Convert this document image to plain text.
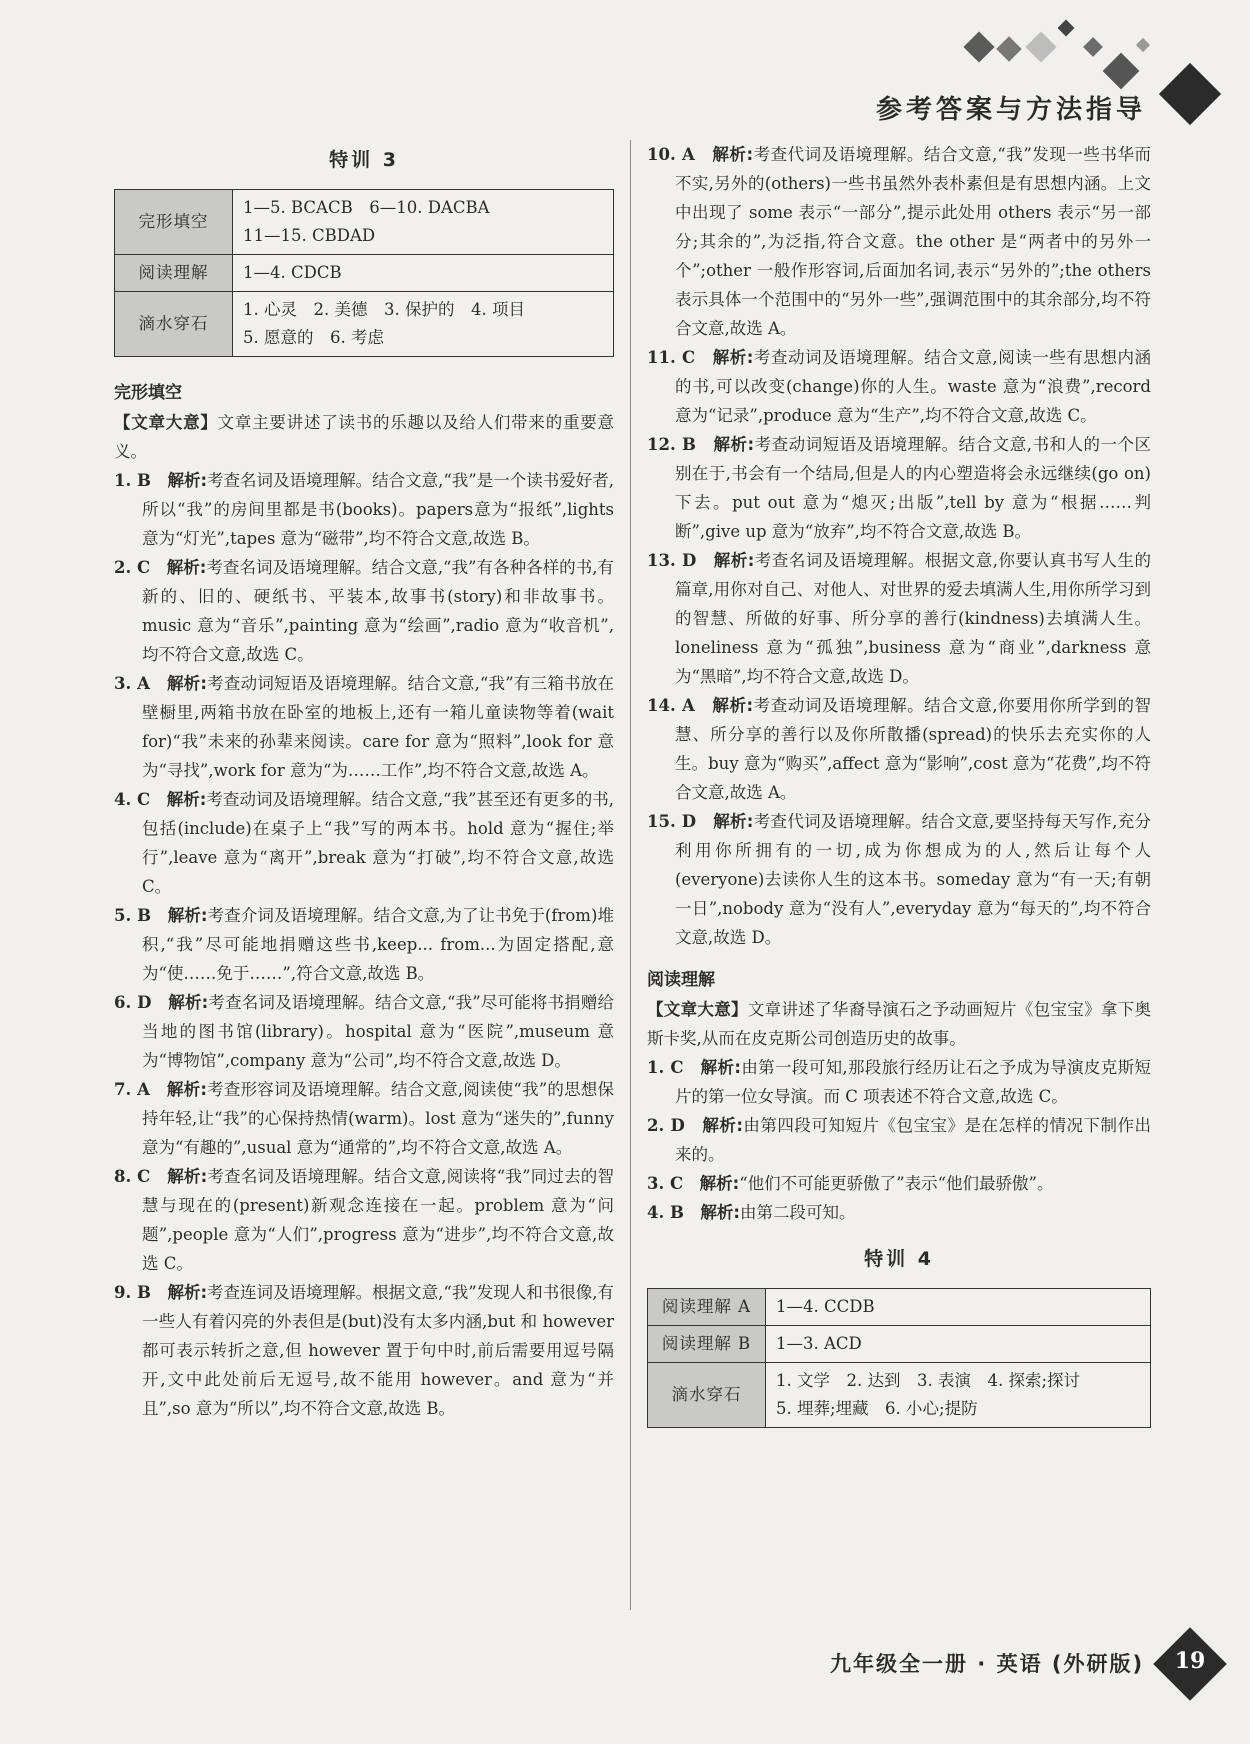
参考答案与方法指导
特训 3
完形填空	1—5. BCACB　6—10. DACBA
11—15. CBDAD

阅读理解	1—4. CDCB

滴水穿石	1. 心灵　2. 美德　3. 保护的　4. 项目
5. 愿意的　6. 考虑
完形填空
【文章大意】文章主要讲述了读书的乐趣以及给人们带来的重要意义。
1. B　 解析:考查名词及语境理解。结合文意,“我”是一个读书爱好者,所以“我”的房间里都是书(books)。papers意为“报纸”,lights 意为“灯光”,tapes 意为“磁带”,均不符合文意,故选 B。
2. C　 解析:考查名词及语境理解。结合文意,“我”有各种各样的书,有新的、旧的、硬纸书、平装本,故事书(story)和非故事书。music 意为“音乐”,painting 意为“绘画”,radio 意为“收音机”,均不符合文意,故选 C。
3. A　 解析:考查动词短语及语境理解。结合文意,“我”有三箱书放在壁橱里,两箱书放在卧室的地板上,还有一箱儿童读物等着(wait for)“我”未来的孙辈来阅读。care for 意为“照料”,look for 意为“寻找”,work for 意为“为……工作”,均不符合文意,故选 A。
4. C　 解析:考查动词及语境理解。结合文意,“我”甚至还有更多的书,包括(include)在桌子上“我”写的两本书。hold 意为“握住;举行”,leave 意为“离开”,break 意为“打破”,均不符合文意,故选 C。
5. B　 解析:考查介词及语境理解。结合文意,为了让书免于(from)堆积,“我”尽可能地捐赠这些书,keep... from...为固定搭配,意为“使……免于……”,符合文意,故选 B。
6. D　 解析:考查名词及语境理解。结合文意,“我”尽可能将书捐赠给当地的图书馆(library)。hospital 意为“医院”,museum 意为“博物馆”,company 意为“公司”,均不符合文意,故选 D。
7. A　 解析:考查形容词及语境理解。结合文意,阅读使“我”的思想保持年轻,让“我”的心保持热情(warm)。lost 意为“迷失的”,funny 意为“有趣的”,usual 意为“通常的”,均不符合文意,故选 A。
8. C　 解析:考查名词及语境理解。结合文意,阅读将“我”同过去的智慧与现在的(present)新观念连接在一起。problem 意为“问题”,people 意为“人们”,progress 意为“进步”,均不符合文意,故选 C。
9. B　 解析:考查连词及语境理解。根据文意,“我”发现人和书很像,有一些人有着闪亮的外表但是(but)没有太多内涵,but 和 however 都可表示转折之意,但 however 置于句中时,前后需要用逗号隔开,文中此处前后无逗号,故不能用 however。and 意为“并且”,so 意为“所以”,均不符合文意,故选 B。
10. A　 解析:考查代词及语境理解。结合文意,“我”发现一些书华而不实,另外的(others)一些书虽然外表朴素但是有思想内涵。上文中出现了 some 表示“一部分”,提示此处用 others 表示“另一部分;其余的”,为泛指,符合文意。the other 是“两者中的另外一个”;other 一般作形容词,后面加名词,表示“另外的”;the others 表示具体一个范围中的“另外一些”,强调范围中的其余部分,均不符合文意,故选 A。
11. C　 解析:考查动词及语境理解。结合文意,阅读一些有思想内涵的书,可以改变(change)你的人生。waste 意为“浪费”,record 意为“记录”,produce 意为“生产”,均不符合文意,故选 C。
12. B　 解析:考查动词短语及语境理解。结合文意,书和人的一个区别在于,书会有一个结局,但是人的内心塑造将会永远继续(go on)下去。put out 意为“熄灭;出版”,tell by 意为“根据……判断”,give up 意为“放弃”,均不符合文意,故选 B。
13. D　 解析:考查名词及语境理解。根据文意,你要认真书写人生的篇章,用你对自己、对他人、对世界的爱去填满人生,用你所学习到的智慧、所做的好事、所分享的善行(kindness)去填满人生。loneliness 意为“孤独”,business 意为“商业”,darkness 意为“黑暗”,均不符合文意,故选 D。
14. A　 解析:考查动词及语境理解。结合文意,你要用你所学到的智慧、所分享的善行以及你所散播(spread)的快乐去充实你的人生。buy 意为“购买”,affect 意为“影响”,cost 意为“花费”,均不符合文意,故选 A。
15. D　 解析:考查代词及语境理解。结合文意,要坚持每天写作,充分利用你所拥有的一切,成为你想成为的人,然后让每个人(everyone)去读你人生的这本书。someday 意为“有一天;有朝一日”,nobody 意为“没有人”,everyday 意为“每天的”,均不符合文意,故选 D。
阅读理解
【文章大意】文章讲述了华裔导演石之予动画短片《包宝宝》拿下奥斯卡奖,从而在皮克斯公司创造历史的故事。
1. C　 解析:由第一段可知,那段旅行经历让石之予成为导演皮克斯短片的第一位女导演。而 C 项表述不符合文意,故选 C。
2. D　 解析:由第四段可知短片《包宝宝》是在怎样的情况下制作出来的。
3. C　 解析:“他们不可能更骄傲了”表示“他们最骄傲”。
4. B　 解析:由第二段可知。
特训 4
阅读理解 A	1—4. CCDB

阅读理解 B	1—3. ACD

滴水穿石	1. 文学　2. 达到　3. 表演　4. 探索;探讨
5. 埋葬;埋藏　6. 小心;提防
九年级全一册 · 英语 (外研版)	19
